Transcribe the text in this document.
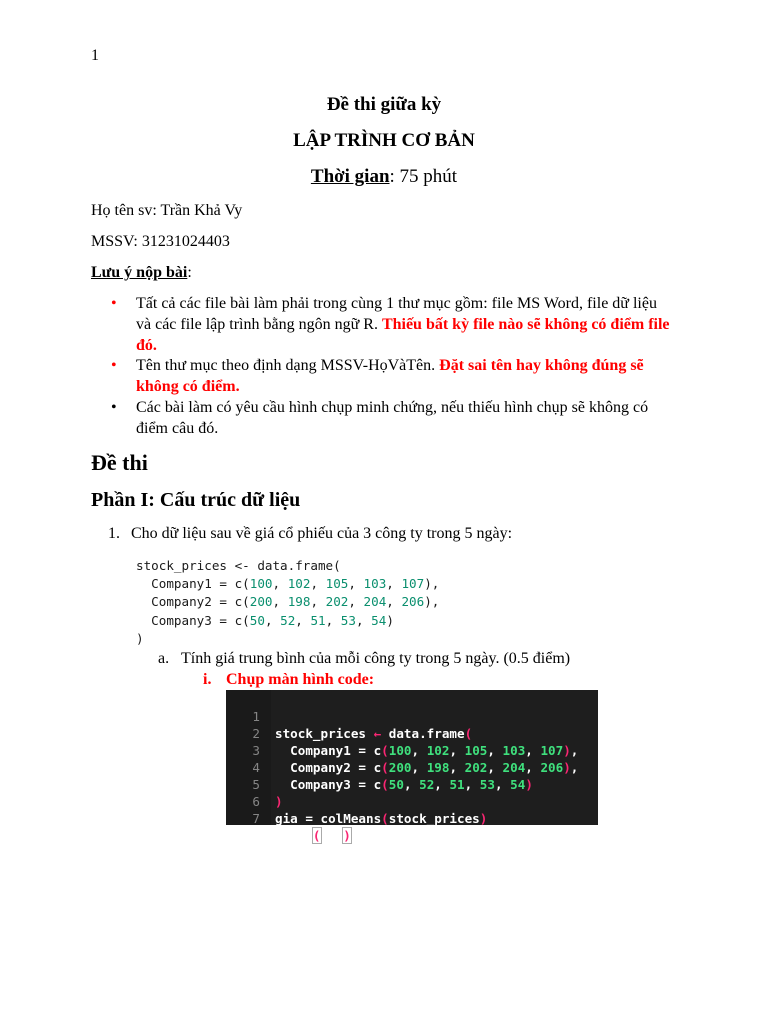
1
Đề thi giữa kỳ
LẬP TRÌNH CƠ BẢN
Thời gian: 75 phút
Họ tên sv: Trần Khả Vy
MSSV: 31231024403
Lưu ý nộp bài:
• Tất cả các file bài làm phải trong cùng 1 thư mục gồm: file MS Word, file dữ liệu và các file lập trình bằng ngôn ngữ R. Thiếu bất kỳ file nào sẽ không có điểm file đó.
• Tên thư mục theo định dạng MSSV-HọVàTên. Đặt sai tên hay không đúng sẽ không có điểm.
• Các bài làm có yêu cầu hình chụp minh chứng, nếu thiếu hình chụp sẽ không có điểm câu đó.
Đề thi
Phần I: Cấu trúc dữ liệu
1. Cho dữ liệu sau về giá cổ phiếu của 3 công ty trong 5 ngày:
stock_prices <- data.frame(
Company1 = c(100, 102, 105, 103, 107),
Company2 = c(200, 198, 202, 204, 206),
Company3 = c(50, 52, 51, 53, 54)
)
a. Tính giá trung bình của mỗi công ty trong 5 ngày. (0.5 điểm)
i. Chụp màn hình code:

1

stock_prices ← data.frame(

2

Company1 = c(100, 102, 105, 103, 107),

3

Company2 = c(200, 198, 202, 204, 206),

4

Company3 = c(50, 52, 51, 53, 54)

5

)

6

gia = colMeans(stock_prices)

7

print(gia)
